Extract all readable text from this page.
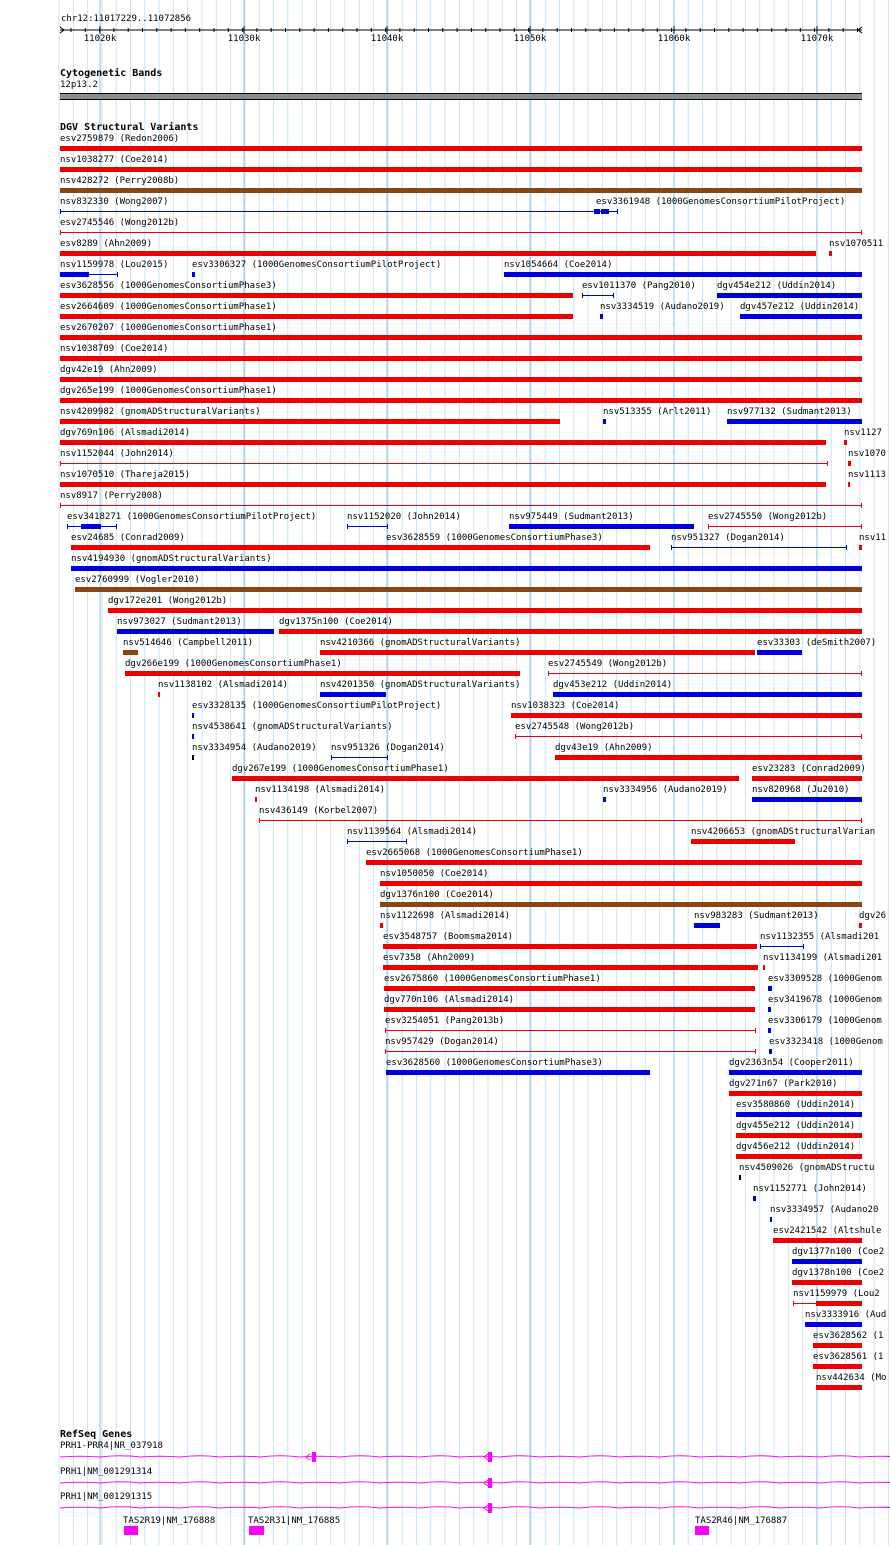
chr12:11017229..11072856
11020k	11030k	11040k	11050k	11060k	11070k
Cytogenetic Bands
12p13.2
DGV Structural Variants
esv2759879 (Redon2006)
nsv1038277 (Coe2014)
nsv428272 (Perry2008b)
nsv832330 (Wong2007)	esv3361948 (1000GenomesConsortiumPilotProject)
esv2745546 (Wong2012b)
esv8289 (Ahn2009)	nsv1070511
nsv1159978 (Lou2015)	esv3306327 (1000GenomesConsortiumPilotProject)	nsv1054664 (Coe2014)
esv3628556 (1000GenomesConsortiumPhase3)	esv1011370 (Pang2010) dgv454e212 (Uddin2014)
esv2664609 (1000GenomesConsortiumPhase1)	nsv3334519 (Audano2019) dgv457e212 (Uddin2014)
esv2670207 (1000GenomesConsortiumPhase1)
nsv1038709 (Coe2014)
dgv42e19 (Ahn2009)
dgv265e199 (1000GenomesConsortiumPhase1)
nsv4209982 (gnomADStructuralVariants)	nsv513355 (Arlt2011) nsv977132 (Sudmant2013)
dgv769n106 (Alsmadi2014)	nsv1127
nsv1152044 (John2014)	nsv1070
nsv1070510 (Thareja2015)	nsv1113
nsv8917 (Perry2008)
esv3418271 (1000GenomesConsortiumPilotProject)	nsv1152020 (John2014)	nsv975449 (Sudmant2013)	esv2745550 (Wong2012b)
esv24685 (Conrad2009)	esv3628559 (1000GenomesConsortiumPhase3)	nsv951327 (Dogan2014)	nsv11
nsv4194930 (gnomADStructuralVariants)
esv2760999 (Vogler2010)
dgv172e201 (Wong2012b)
nsv973027 (Sudmant2013)	dgv1375n100 (Coe2014)
nsv514646 (Campbell2011)	nsv4210366 (gnomADStructuralVariants)	esv33303 (deSmith2007)
dgv266e199 (1000GenomesConsortiumPhase1)	esv2745549 (Wong2012b)
nsv1138102 (Alsmadi2014)	nsv4201350 (gnomADStructuralVariants)	dgv453e212 (Uddin2014)
esv3328135 (1000GenomesConsortiumPilotProject)	nsv1038323 (Coe2014)
nsv4538641 (gnomADStructuralVariants)	esv2745548 (Wong2012b)
nsv3334954 (Audano2019) nsv951326 (Dogan2014)	dgv43e19 (Ahn2009)
dgv267e199 (1000GenomesConsortiumPhase1)	esv23283 (Conrad2009)
nsv1134198 (Alsmadi2014)	nsv3334956 (Audano2019)	nsv820968 (Ju2010)
nsv436149 (Korbel2007)
nsv1139564 (Alsmadi2014)	nsv4206653 (gnomADStructuralVarian
esv2665068 (1000GenomesConsortiumPhase1)
nsv1050050 (Coe2014)
dgv1376n100 (Coe2014)
nsv1122698 (Alsmadi2014)	nsv983283 (Sudmant2013)	dgv26
esv3548757 (Boomsma2014)	nsv1132355 (Alsmadi201
esv7358 (Ahn2009)	nsv1134199 (Alsmadi201
esv2675860 (1000GenomesConsortiumPhase1)	esv3309528 (1000Genom
dgv770n106 (Alsmadi2014)	esv3419678 (1000Genom
esv3254051 (Pang2013b)	esv3306179 (1000Genom
nsv957429 (Dogan2014)	esv3323418 (1000Genom
esv3628560 (1000GenomesConsortiumPhase3)	dgv2363n54 (Cooper2011)
dgv271n67 (Park2010)
esv3580860 (Uddin2014)
dgv455e212 (Uddin2014)
dgv456e212 (Uddin2014)
nsv4509026 (gnomADStructu
nsv1152771 (John2014)
nsv3334957 (Audano20
esv2421542 (Altshule
dgv1377n100 (Coe2
dgv1378n100 (Coe2
nsv1159979 (Lou2
nsv3333916 (Aud
esv3628562 (1
esv3628561 (1
nsv442634 (Mo
RefSeq Genes
PRH1-PRR4|NR_037918
PRH1|NM_001291314
PRH1|NM_001291315
TAS2R19|NM_176888	TAS2R31|NM_176885	TAS2R46|NM_176887
